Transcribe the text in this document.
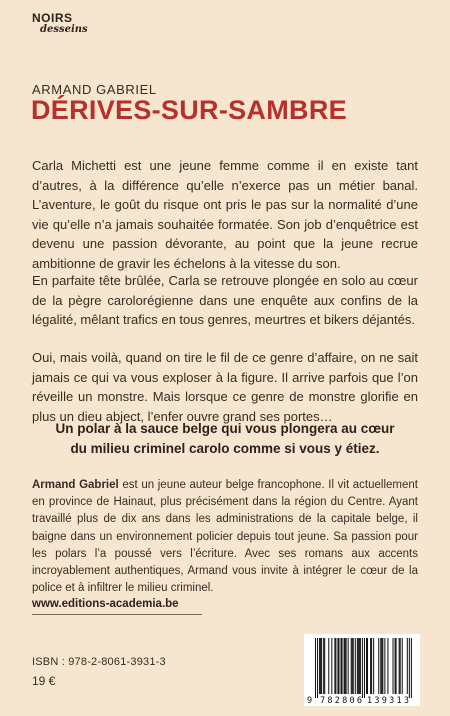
NOIRS
desseins
ARMAND GABRIEL
DÉRIVES-SUR-SAMBRE

Carla Michetti est une jeune femme comme il en existe tant d’autres, à la différence qu’elle n’exerce pas un métier banal. L’aventure, le goût du risque ont pris le pas sur la normalité d’une vie qu’elle n’a jamais souhaitée formatée. Son job d’enquêtrice est devenu une passion dévorante, au point que la jeune recrue ambitionne de gravir les échelons à la vitesse du son.

En parfaite tête brûlée, Carla se retrouve plongée en solo au cœur de la pègre carolorégienne dans une enquête aux confins de la légalité, mêlant trafics en tous genres, meurtres et bikers déjantés.

Oui, mais voilà, quand on tire le fil de ce genre d’affaire, on ne sait jamais ce qui va vous exploser à la figure. Il arrive parfois que l’on réveille un monstre. Mais lorsque ce genre de monstre glorifie en plus un dieu abject, l’enfer ouvre grand ses portes…

Un polar à la sauce belge qui vous plongera au cœur
du milieu criminel carolo comme si vous y étiez.

Armand Gabriel est un jeune auteur belge francophone. Il vit actuellement en province de Hainaut, plus précisément dans la région du Centre. Ayant travaillé plus de dix ans dans les administrations de la capitale belge, il baigne dans un environnement policier depuis tout jeune. Sa passion pour les polars l’a poussé vers l’écriture. Avec ses romans aux accents incroyablement authentiques, Armand vous invite à intégrer le cœur de la police et à infiltrer le milieu criminel.

www.editions-academia.be
ISBN : 978-2-8061-3931-3
19 €
9 782806 139313
